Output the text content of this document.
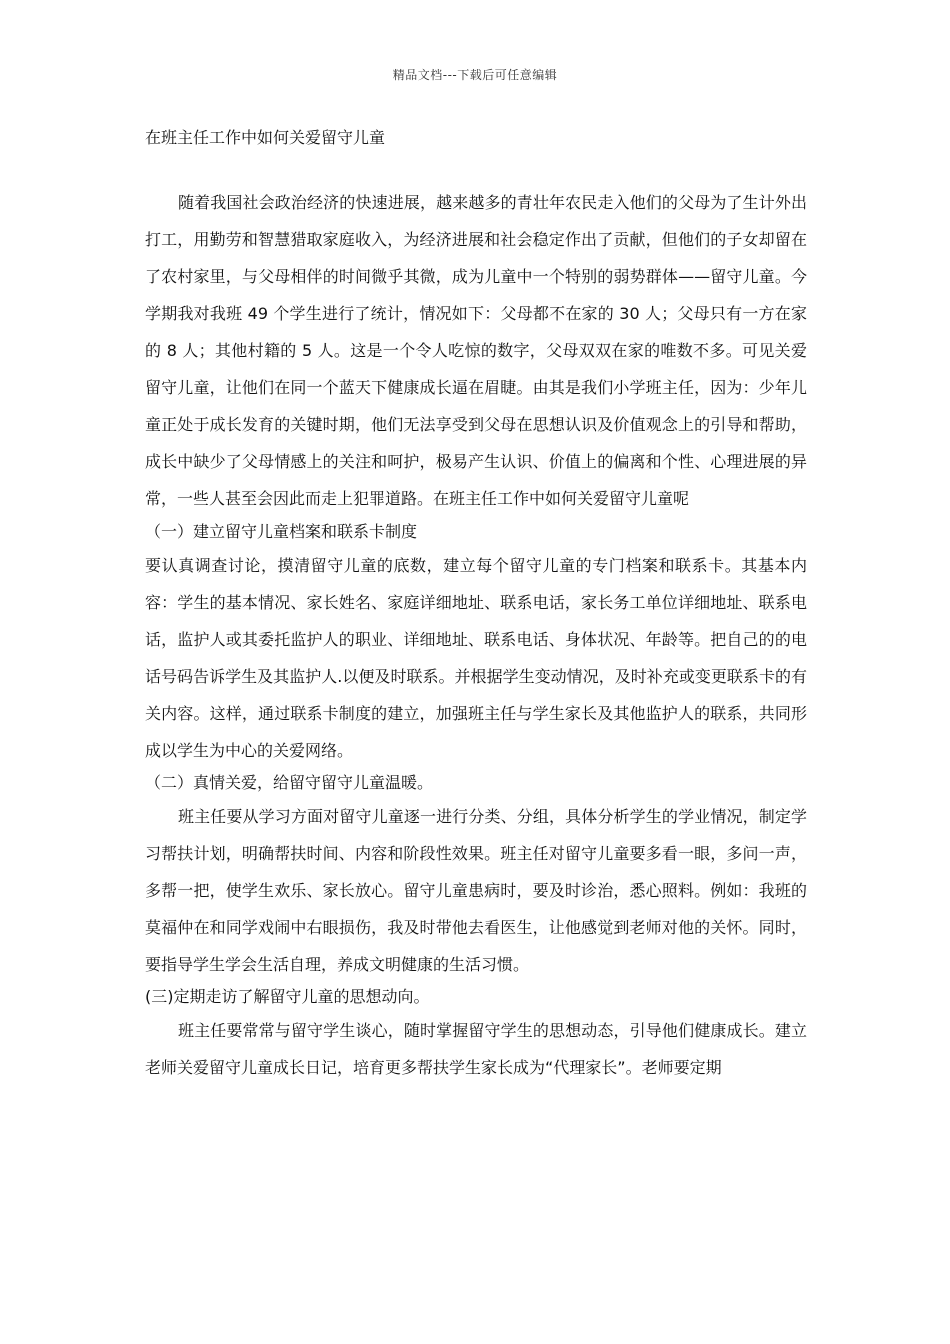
精品文档---下载后可任意编辑
在班主任工作中如何关爱留守儿童

随着我国社会政治经济的快速进展，越来越多的青壮年农民走入他们的父母为了生计外出打工，用勤劳和智慧猎取家庭收入，为经济进展和社会稳定作出了贡献，但他们的子女却留在了农村家里，与父母相伴的时间微乎其微，成为儿童中一个特别的弱势群体——留守儿童。今学期我对我班 49 个学生进行了统计，情况如下：父母都不在家的 30 人；父母只有一方在家的 8 人；其他村籍的 5 人。这是一个令人吃惊的数字，父母双双在家的唯数不多。可见关爱留守儿童，让他们在同一个蓝天下健康成长逼在眉睫。由其是我们小学班主任，因为：少年儿童正处于成长发育的关键时期，他们无法享受到父母在思想认识及价值观念上的引导和帮助，成长中缺少了父母情感上的关注和呵护，极易产生认识、价值上的偏离和个性、心理进展的异常，一些人甚至会因此而走上犯罪道路。在班主任工作中如何关爱留守儿童呢

（一）建立留守儿童档案和联系卡制度

要认真调查讨论，摸清留守儿童的底数，建立每个留守儿童的专门档案和联系卡。其基本内容：学生的基本情况、家长姓名、家庭详细地址、联系电话，家长务工单位详细地址、联系电话，监护人或其委托监护人的职业、详细地址、联系电话、身体状况、年龄等。把自己的的电话号码告诉学生及其监护人.以便及时联系。并根据学生变动情况，及时补充或变更联系卡的有关内容。这样，通过联系卡制度的建立，加强班主任与学生家长及其他监护人的联系，共同形成以学生为中心的关爱网络。

（二）真情关爱，给留守留守儿童温暖。

班主任要从学习方面对留守儿童逐一进行分类、分组，具体分析学生的学业情况，制定学习帮扶计划，明确帮扶时间、内容和阶段性效果。班主任对留守儿童要多看一眼，多问一声，多帮一把，使学生欢乐、家长放心。留守儿童患病时，要及时诊治，悉心照料。例如：我班的莫福仲在和同学戏闹中右眼损伤，我及时带他去看医生，让他感觉到老师对他的关怀。同时，要指导学生学会生活自理，养成文明健康的生活习惯。

(三)定期走访了解留守儿童的思想动向。

班主任要常常与留守学生谈心，随时掌握留守学生的思想动态，引导他们健康成长。建立老师关爱留守儿童成长日记，培育更多帮扶学生家长成为“代理家长”。老师要定期
